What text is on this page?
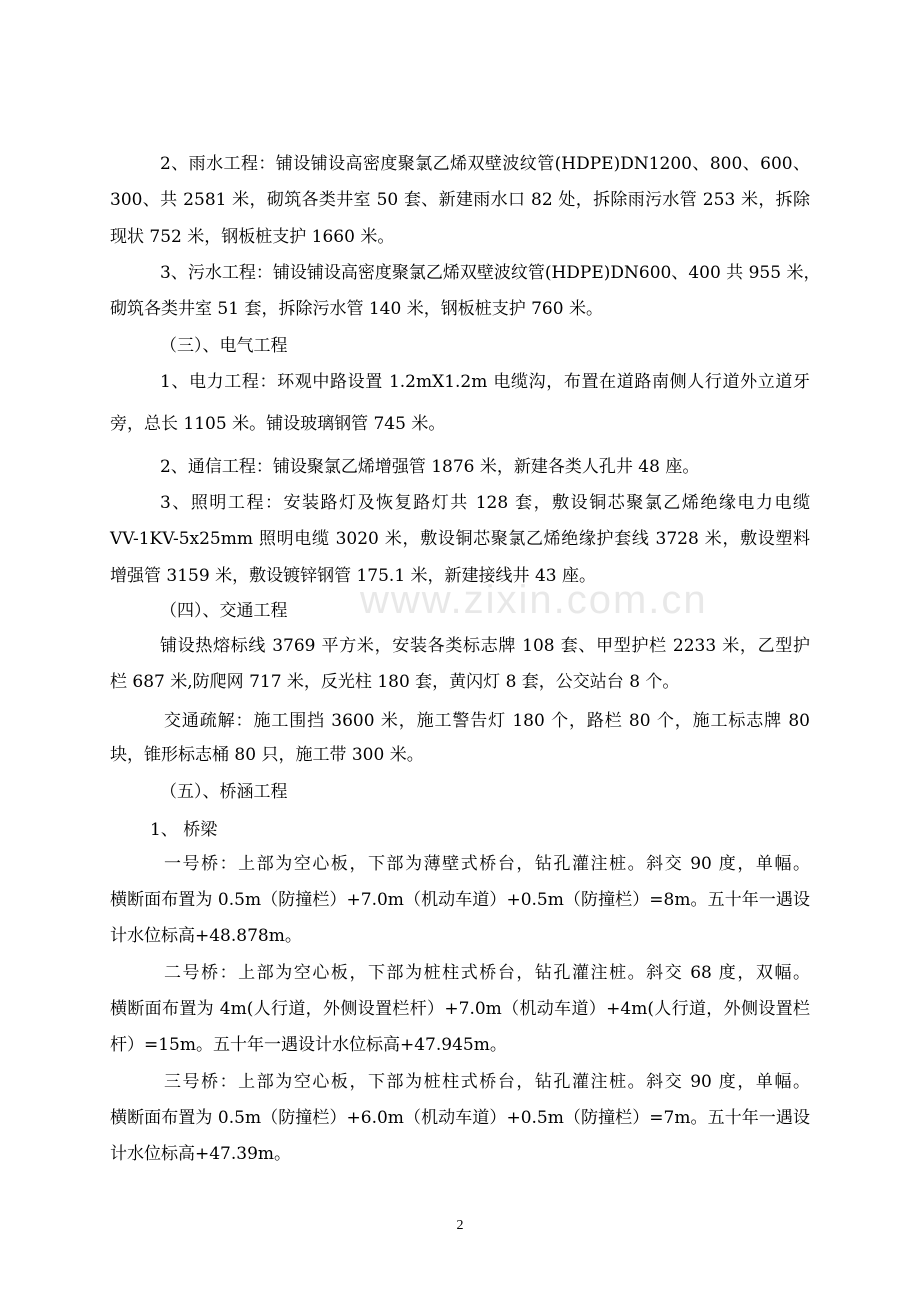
www.zixin.com.cn

2、雨水工程：铺设铺设高密度聚氯乙烯双壁波纹管(HDPE)DN1200、800、600、

300、共 2581 米，砌筑各类井室 50 套、新建雨水口 82 处，拆除雨污水管 253 米，拆除

现状 752 米，钢板桩支护 1660 米。

3、污水工程：铺设铺设高密度聚氯乙烯双壁波纹管(HDPE)DN600、400 共 955 米，

砌筑各类井室 51 套，拆除污水管 140 米，钢板桩支护 760 米。

（三）、电气工程

1、电力工程：环观中路设置 1.2mX1.2m 电缆沟，布置在道路南侧人行道外立道牙

旁，总长 1105 米。铺设玻璃钢管 745 米。

2、通信工程：铺设聚氯乙烯增强管 1876 米，新建各类人孔井 48 座。

3、照明工程：安装路灯及恢复路灯共 128 套，敷设铜芯聚氯乙烯绝缘电力电缆

VV-1KV-5x25mm 照明电缆 3020 米，敷设铜芯聚氯乙烯绝缘护套线 3728 米，敷设塑料

增强管 3159 米，敷设镀锌钢管 175.1 米，新建接线井 43 座。

（四）、交通工程

铺设热熔标线 3769 平方米，安装各类标志牌 108 套、甲型护栏 2233 米，乙型护

栏 687 米,防爬网 717 米，反光柱 180 套，黄闪灯 8 套，公交站台 8 个。

交通疏解：施工围挡 3600 米，施工警告灯 180 个，路栏 80 个，施工标志牌 80

块，锥形标志桶 80 只，施工带 300 米。

（五）、桥涵工程

1、 桥梁

一号桥：上部为空心板，下部为薄壁式桥台，钻孔灌注桩。斜交 90 度，单幅。

横断面布置为 0.5m（防撞栏）+7.0m（机动车道）+0.5m（防撞栏）=8m。五十年一遇设

计水位标高+48.878m。

二号桥：上部为空心板，下部为桩柱式桥台，钻孔灌注桩。斜交 68 度，双幅。

横断面布置为 4m(人行道，外侧设置栏杆）+7.0m（机动车道）+4m(人行道，外侧设置栏

杆）=15m。五十年一遇设计水位标高+47.945m。

三号桥：上部为空心板，下部为桩柱式桥台，钻孔灌注桩。斜交 90 度，单幅。

横断面布置为 0.5m（防撞栏）+6.0m（机动车道）+0.5m（防撞栏）=7m。五十年一遇设

计水位标高+47.39m。

2
